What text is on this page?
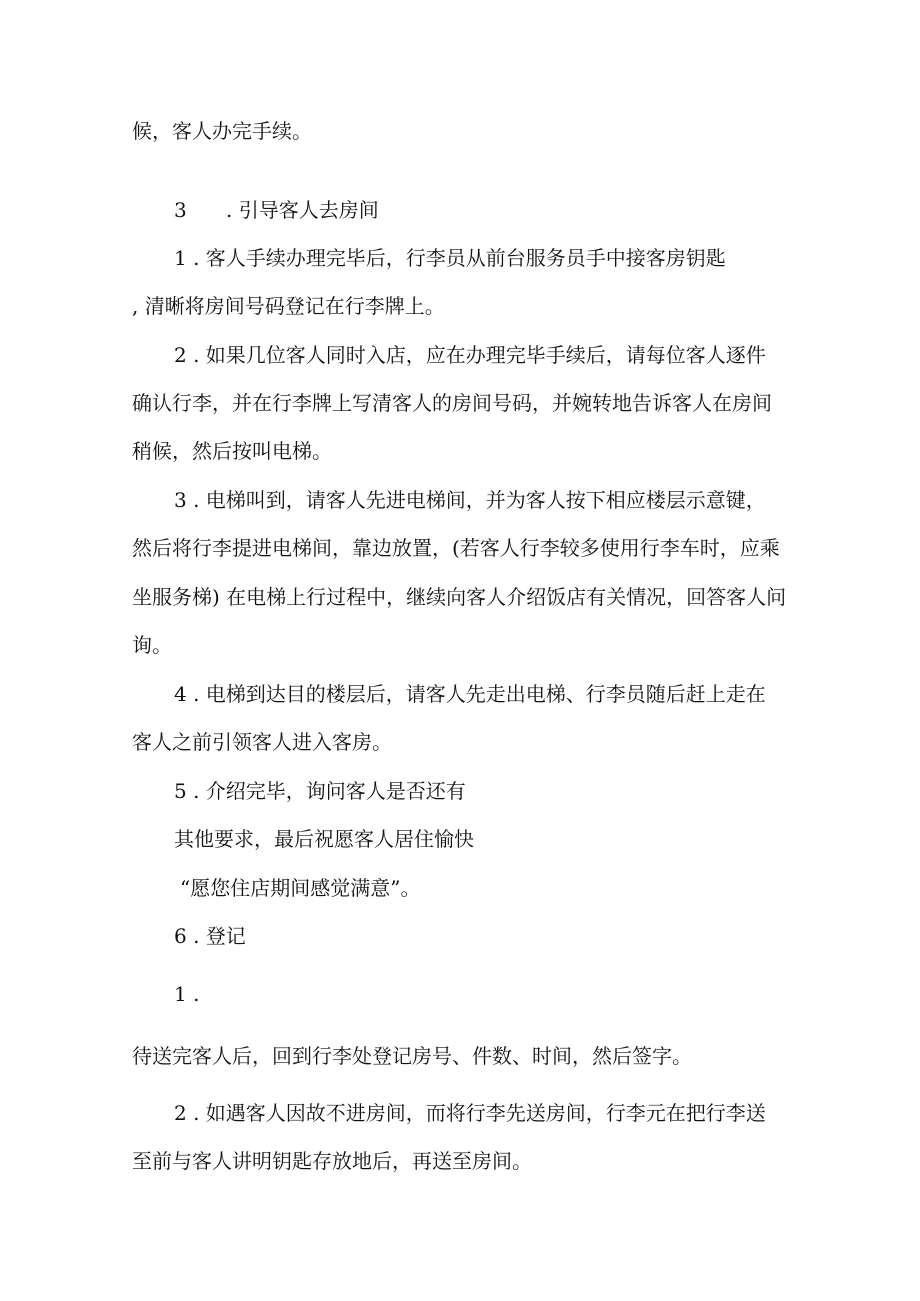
候，客人办完手续。
3 . 引导客人去房间
1 . 客人手续办理完毕后，行李员从前台服务员手中接客房钥匙
, 清晰将房间号码登记在行李牌上。
2 . 如果几位客人同时入店，应在办理完毕手续后，请每位客人逐件
确认行李，并在行李牌上写清客人的房间号码，并婉转地告诉客人在房间
稍候，然后按叫电梯。
3 . 电梯叫到，请客人先进电梯间，并为客人按下相应楼层示意键，
然后将行李提进电梯间，靠边放置，(若客人行李较多使用行李车时，应乘
坐服务梯) 在电梯上行过程中，继续向客人介绍饭店有关情况，回答客人问
询。
4 . 电梯到达目的楼层后，请客人先走出电梯、行李员随后赶上走在
客人之前引领客人进入客房。
5 . 介绍完毕，询问客人是否还有
其他要求，最后祝愿客人居住愉快
“愿您住店期间感觉满意”。
6 . 登记
1 .
待送完客人后，回到行李处登记房号、件数、时间，然后签字。
2 . 如遇客人因故不进房间，而将行李先送房间，行李元在把行李送
至前与客人讲明钥匙存放地后，再送至房间。
